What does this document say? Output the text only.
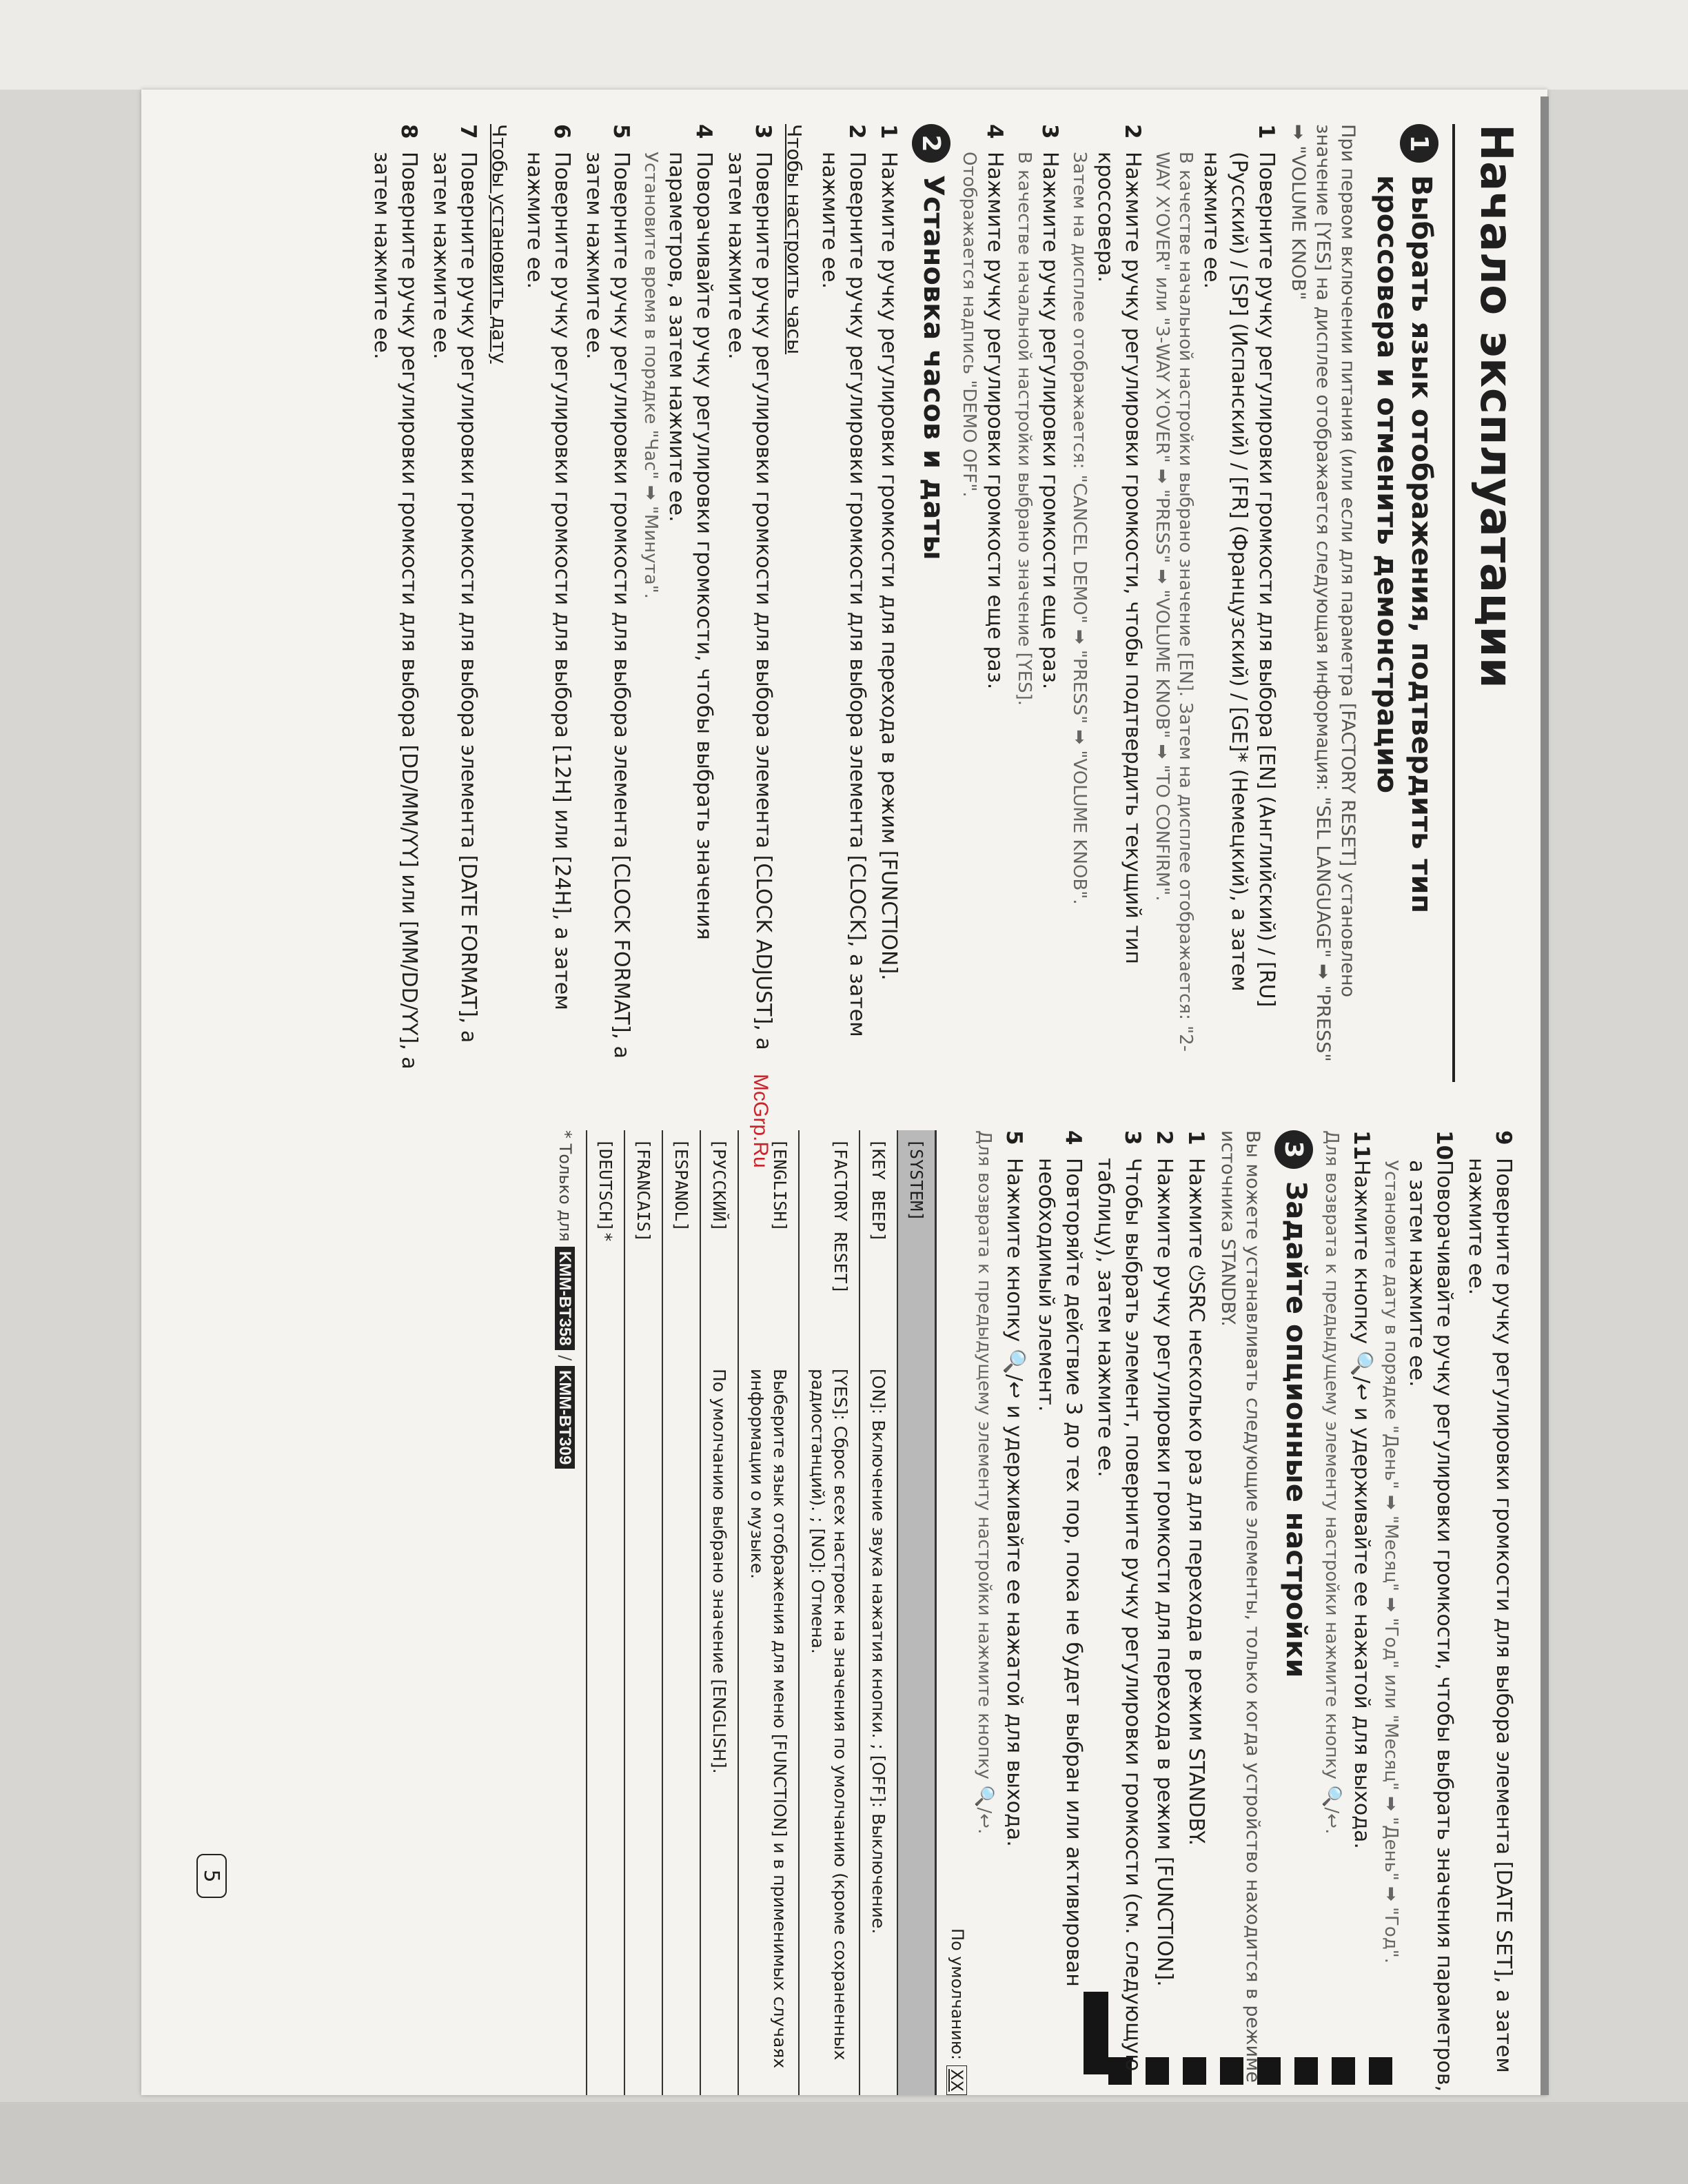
Начало эксплуатации
1
Выбрать язык отображения, подтвердить тип кроссовера и отменить демонстрацию
При первом включении питания (или если для параметра [FACTORY RESET] установлено значение [YES] на дисплее отображается следующая информация: "SEL LANGUAGE" ➡ "PRESS" ➡ "VOLUME KNOB"
1
Поверните ручку регулировки громкости для выбора [EN] (Английский) / [RU] (Русский) / [SP] (Испанский) / [FR] (Французский) / [GE]* (Немецкий), а затем нажмите ее.
В качестве начальной настройки выбрано значение [EN]. Затем на дисплее отображается: "2-WAY X'OVER" или "3-WAY X'OVER" ➡ "PRESS" ➡ "VOLUME KNOB" ➡ "TO CONFIRM".
2
Нажмите ручку регулировки громкости, чтобы подтвердить текущий тип кроссовера.
Затем на дисплее отображается: "CANCEL DEMO" ➡ "PRESS" ➡ "VOLUME KNOB".
3
Нажмите ручку регулировки громкости еще раз.
В качестве начальной настройки выбрано значение [YES].
4
Нажмите ручку регулировки громкости еще раз.
Отображается надпись "DEMO OFF".
2
Установка часов и даты
1
Нажмите ручку регулировки громкости для перехода в режим [FUNCTION].
2
Поверните ручку регулировки громкости для выбора элемента [CLOCK], а затем нажмите ее.
Чтобы настроить часы
3
Поверните ручку регулировки громкости для выбора элемента [CLOCK ADJUST], а затем нажмите ее.
4
Поворачивайте ручку регулировки громкости, чтобы выбрать значения параметров, а затем нажмите ее.
Установите время в порядке "Час" ➡ "Минута".
5
Поверните ручку регулировки громкости для выбора элемента [CLOCK FORMAT], а затем нажмите ее.
6
Поверните ручку регулировки громкости для выбора [12H] или [24H], а затем нажмите ее.
Чтобы установить дату
7
Поверните ручку регулировки громкости для выбора элемента [DATE FORMAT], а затем нажмите ее.
8
Поверните ручку регулировки громкости для выбора [DD/MM/YY] или [MM/DD/YY], а затем нажмите ее.
9
Поверните ручку регулировки громкости для выбора элемента [DATE SET], а затем нажмите ее.
10
Поворачивайте ручку регулировки громкости, чтобы выбрать значения параметров, а затем нажмите ее.
Установите дату в порядке "День" ➡ "Месяц" ➡ "Год" или "Месяц" ➡ "День" ➡ "Год".
11
Нажмите кнопку 🔍/↩ и удерживайте ее нажатой для выхода.
Для возврата к предыдущему элементу настройки нажмите кнопку 🔍/↩.
3
Задайте опционные настройки
Вы можете устанавливать следующие элементы, только когда устройство находится в режиме источника STANDBY.
1
Нажмите ⏻SRC несколько раз для перехода в режим STANDBY.
2
Нажмите ручку регулировки громкости для перехода в режим [FUNCTION].
3
Чтобы выбрать элемент, поверните ручку регулировки громкости (см. следующую таблицу), затем нажмите ее.
4
Повторяйте действие 3 до тех пор, пока не будет выбран или активирован необходимый элемент.
5
Нажмите кнопку 🔍/↩ и удерживайте ее нажатой для выхода.
Для возврата к предыдущему элементу настройки нажмите кнопку 🔍/↩.
По умолчанию:
XX
[SYSTEM]	
[KEY BEEP]	[ON]: Включение звука нажатия кнопки. ; [OFF]: Выключение.
[FACTORY RESET]	[YES]: Сброс всех настроек на значения по умолчанию (кроме сохраненных радиостанций). ; [NO]: Отмена.
[ENGLISH]	Выберите язык отображения для меню [FUNCTION] и в применимых случаях информации о музыке.
[РУССКИЙ]	По умолчанию выбрано значение [ENGLISH].
[ESPANOL]	
[FRANCAIS]	
[DEUTSCH]*	
* Только для KMM-BT358 / KMM-BT309
McGrp.Ru
5
